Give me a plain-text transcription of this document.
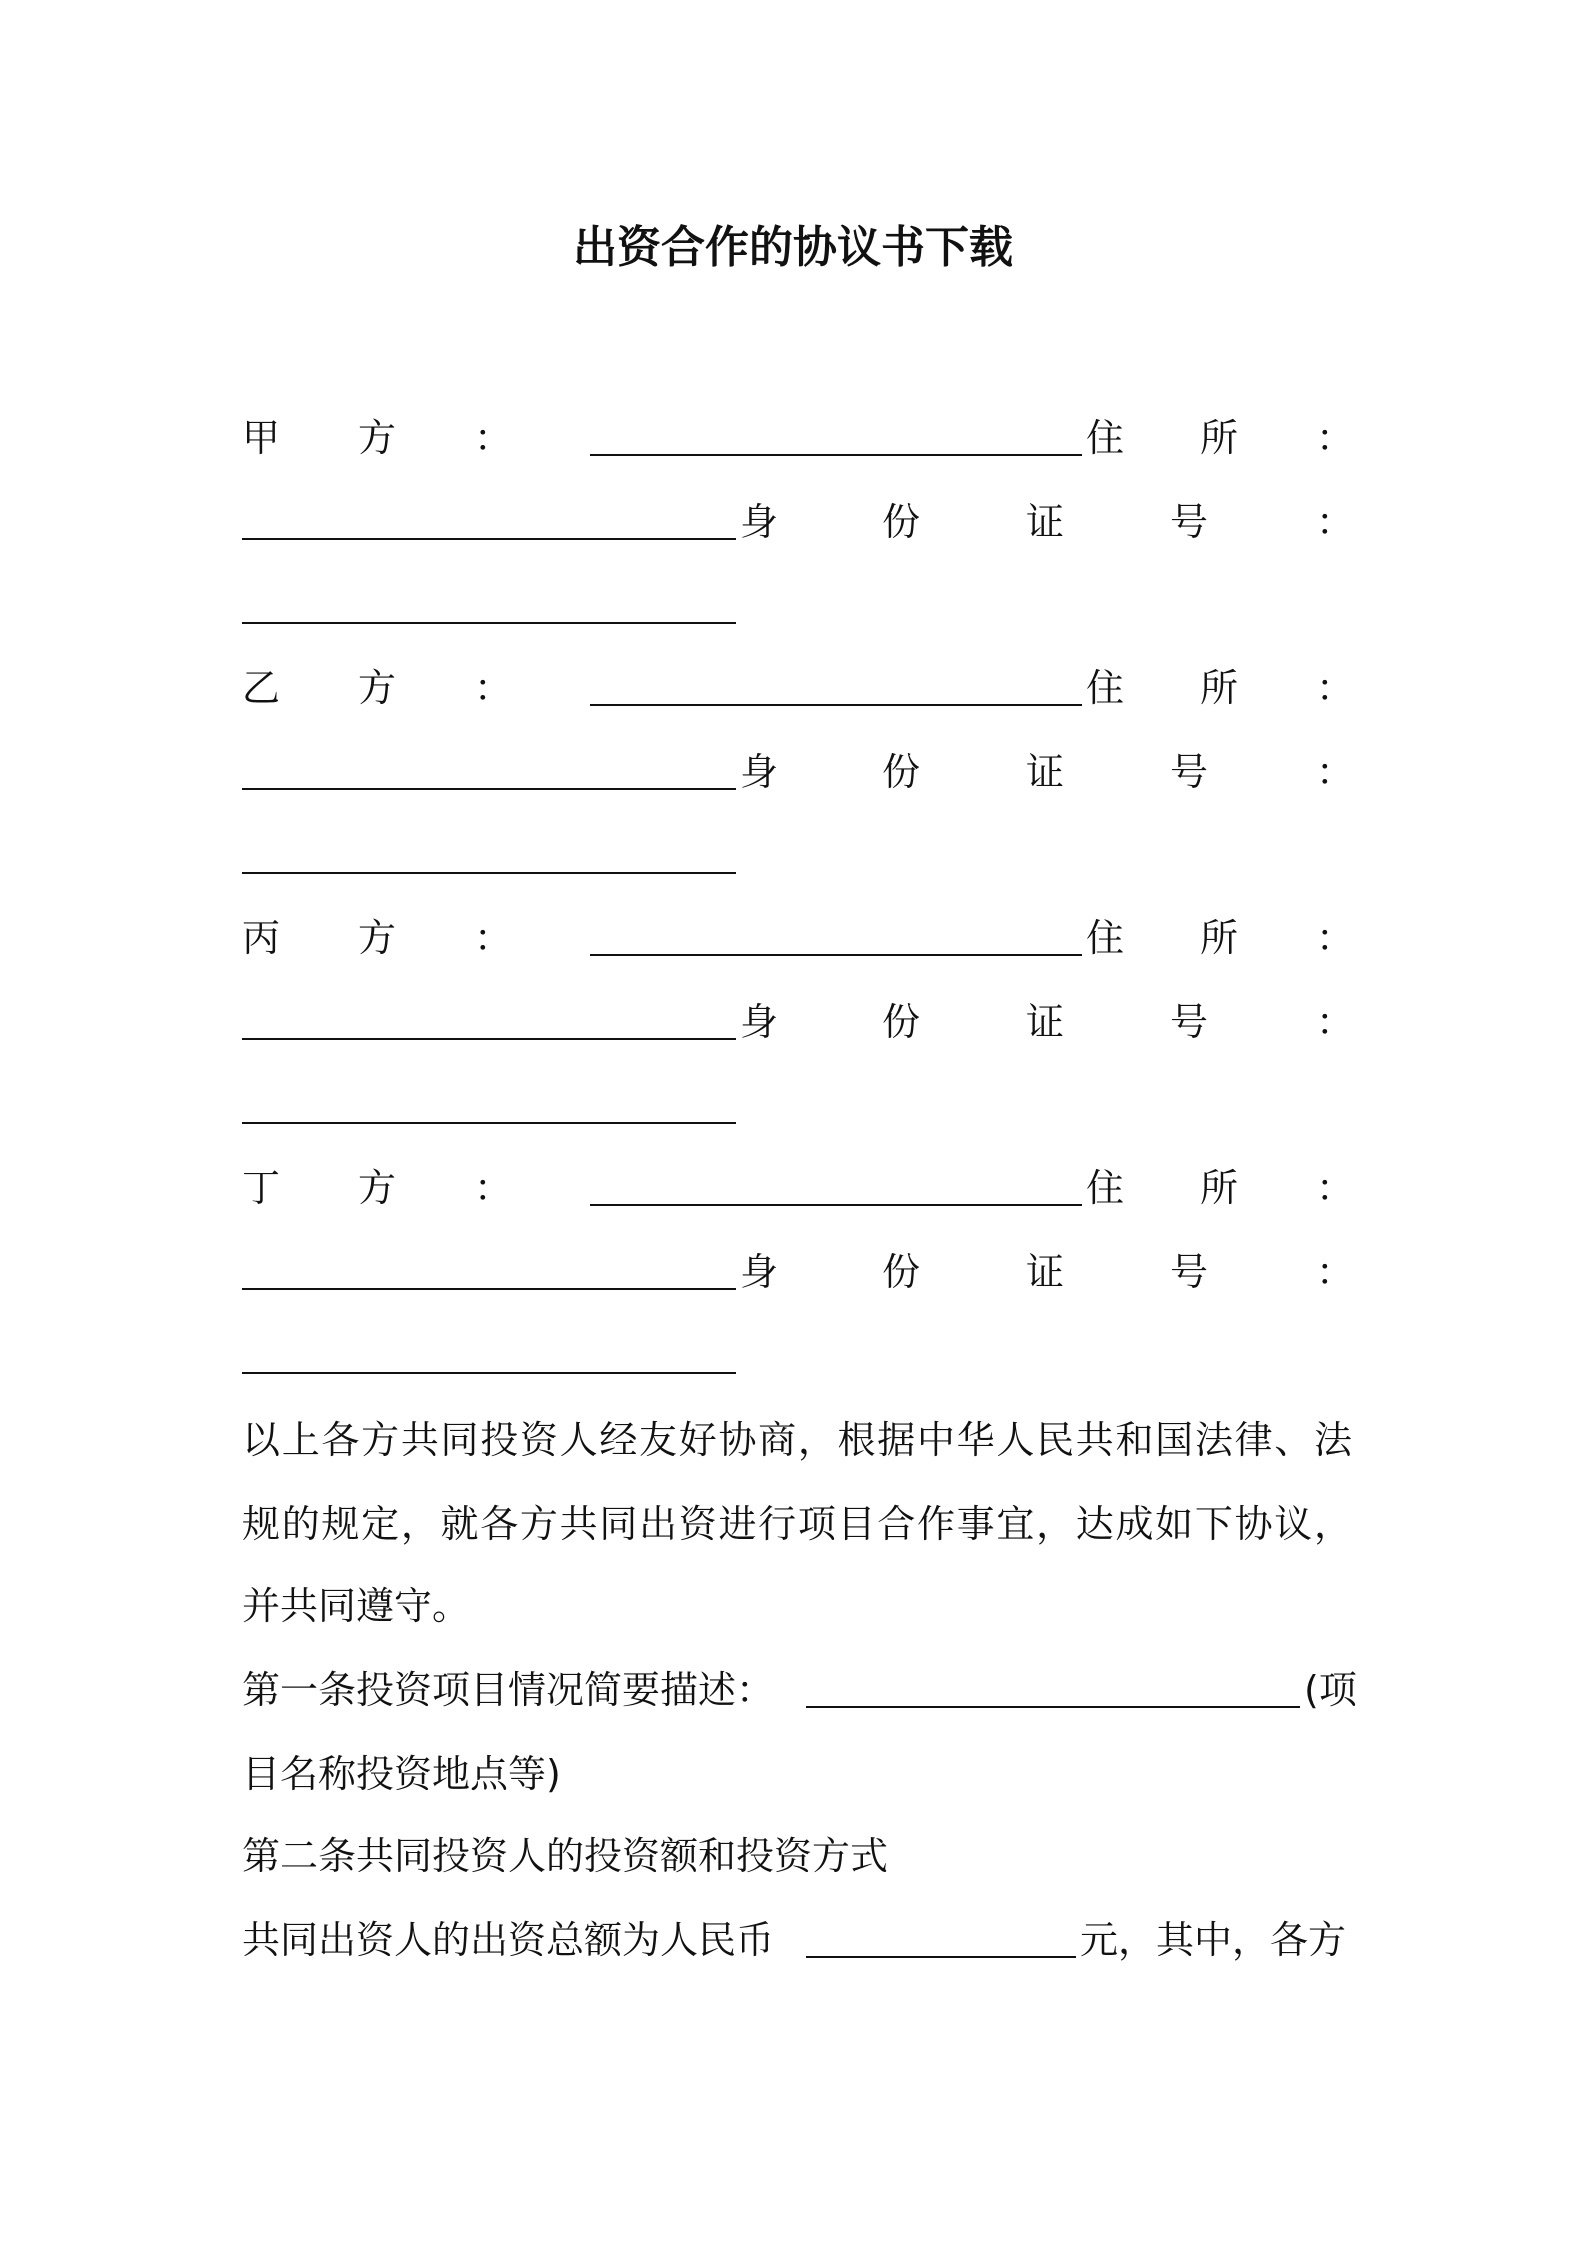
出资合作的协议书下载
甲 方 ：	住 所 ：
身	份	证	号	：
乙 方 ：	住 所 ：
身	份	证	号	：
丙 方 ：	住 所 ：
身	份	证	号	：
丁 方 ：	住 所 ：
身	份	证	号	：
以上各方共同投资人经友好协商，根据中华人民共和国法律、法
规的规定，就各方共同出资进行项目合作事宜，达成如下协议，
并共同遵守。
第一条投资项目情况简要描述：	(项
目名称投资地点等)
第二条共同投资人的投资额和投资方式
共同出资人的出资总额为人民币	元，其中，各方
